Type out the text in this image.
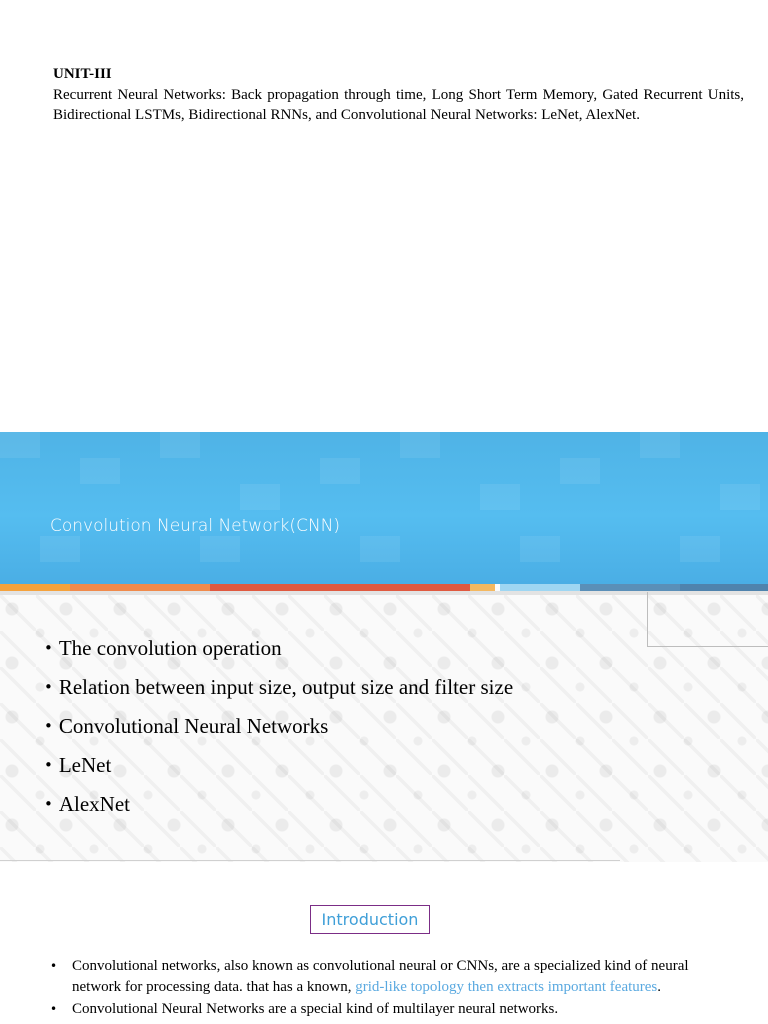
UNIT-III

Recurrent Neural Networks: Back propagation through time, Long Short Term Memory, Gated Recurrent Units, Bidirectional LSTMs, Bidirectional RNNs, and Convolutional Neural Networks: LeNet, AlexNet.

Convolution Neural Network(CNN)
• The convolution operation
• Relation between input size, output size and filter size
• Convolutional Neural Networks
• LeNet
• AlexNet
Introduction
• Convolutional networks, also known as convolutional neural or CNNs, are a specialized kind of neural network for processing data. that has a known, grid-like topology then extracts important features.
• Convolutional Neural Networks are a special kind of multilayer neural networks.
